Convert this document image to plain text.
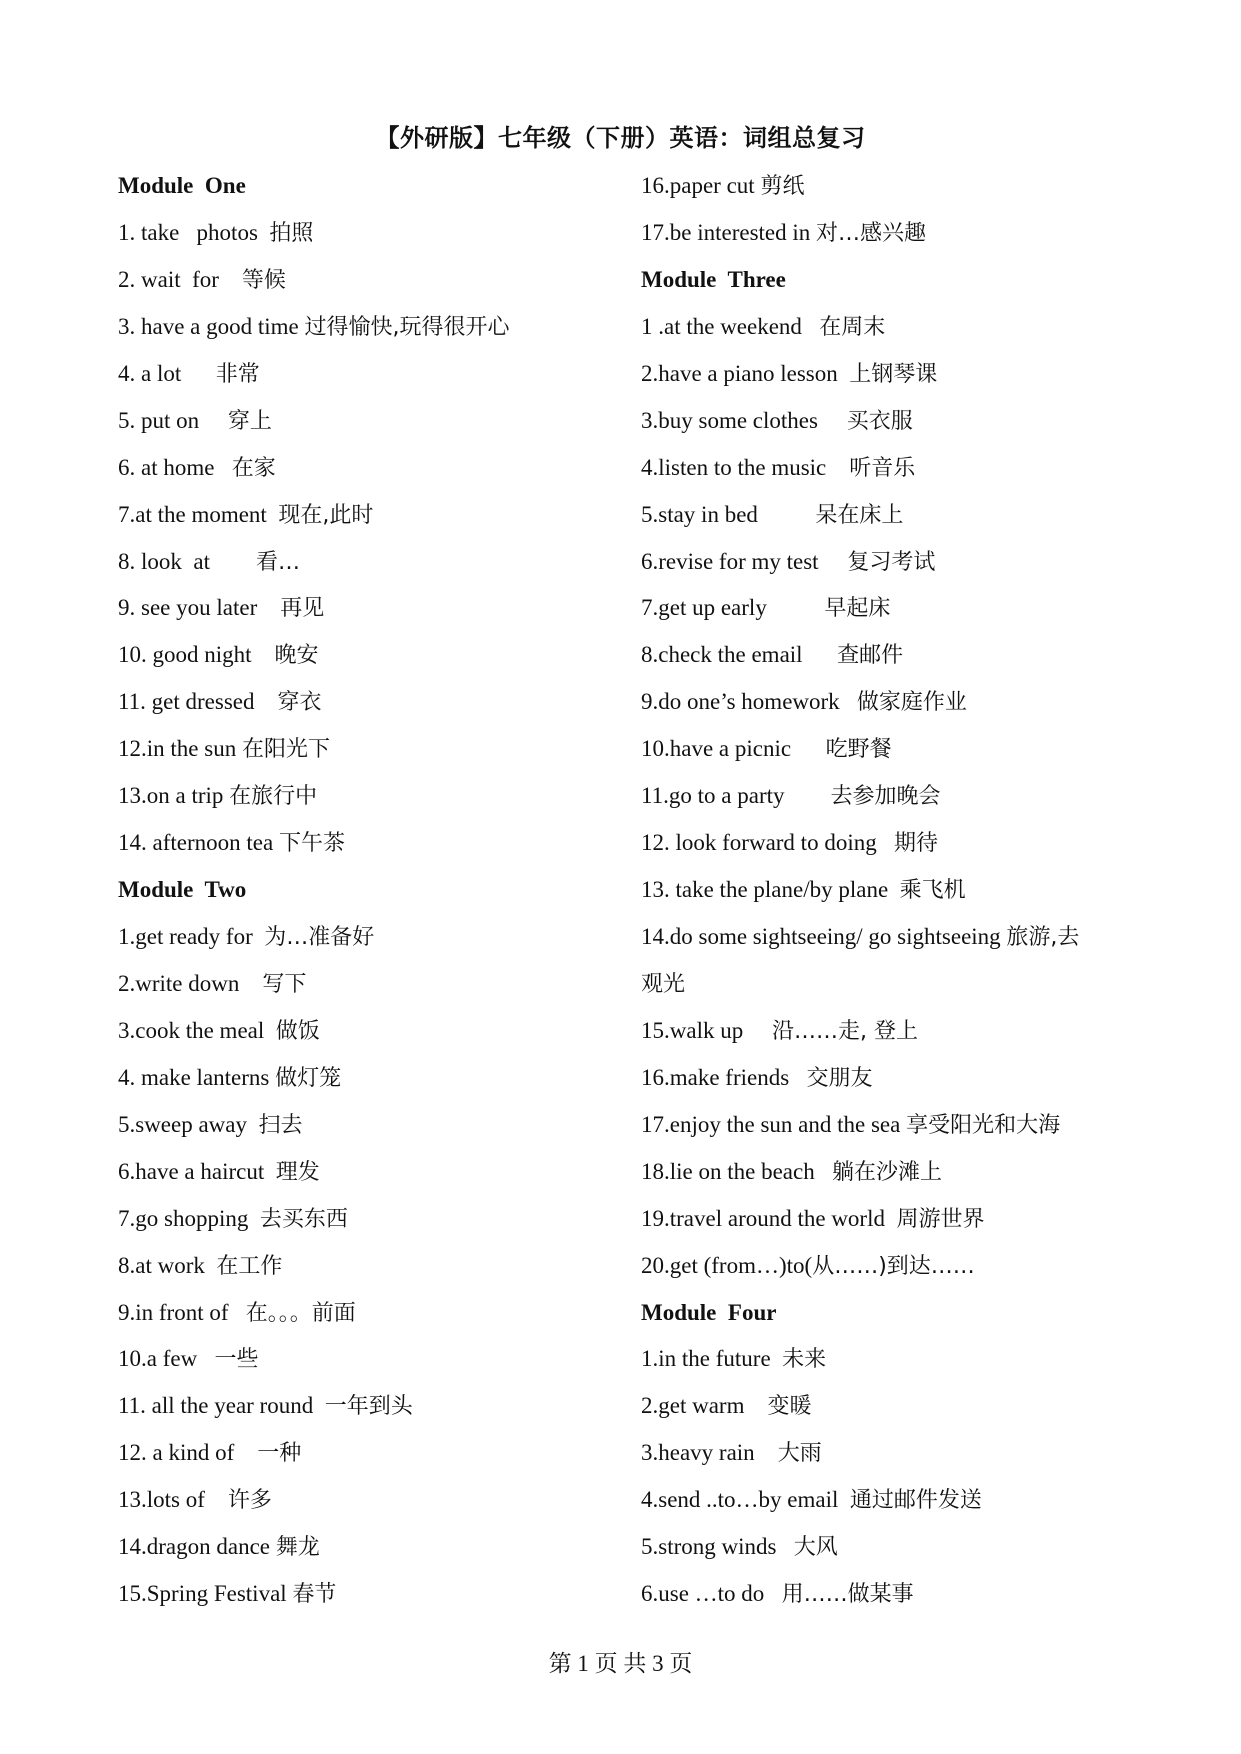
【外研版】七年级（下册）英语：词组总复习
Module  One
1. take   photos  拍照
2. wait  for    等候
3. have a good time 过得愉快,玩得很开心
4. a lot      非常
5. put on     穿上
6. at home   在家
7.at the moment  现在,此时
8. look  at        看…
9. see you later    再见
10. good night    晚安
11. get dressed    穿衣
12.in the sun 在阳光下
13.on a trip 在旅行中
14. afternoon tea 下午茶
Module  Two
1.get ready for  为…准备好
2.write down    写下
3.cook the meal  做饭
4. make lanterns 做灯笼
5.sweep away  扫去
6.have a haircut  理发
7.go shopping  去买东西
8.at work  在工作
9.in front of   在。。。前面
10.a few   一些
11. all the year round  一年到头
12. a kind of    一种
13.lots of    许多
14.dragon dance 舞龙
15.Spring Festival 春节
16.paper cut 剪纸
17.be interested in 对…感兴趣
Module  Three
1 .at the weekend   在周末
2.have a piano lesson  上钢琴课
3.buy some clothes     买衣服
4.listen to the music    听音乐
5.stay in bed          呆在床上
6.revise for my test     复习考试
7.get up early          早起床
8.check the email      查邮件
9.do one’s homework   做家庭作业
10.have a picnic      吃野餐
11.go to a party        去参加晚会
12. look forward to doing   期待
13. take the plane/by plane  乘飞机
14.do some sightseeing/ go sightseeing 旅游,去
观光
15.walk up     沿……走, 登上
16.make friends   交朋友
17.enjoy the sun and the sea 享受阳光和大海
18.lie on the beach   躺在沙滩上
19.travel around the world  周游世界
20.get (from…)to(从……)到达……
Module  Four
1.in the future  未来
2.get warm    变暖
3.heavy rain    大雨
4.send ..to…by email  通过邮件发送
5.strong winds   大风
6.use …to do   用……做某事
第 1 页 共 3 页
